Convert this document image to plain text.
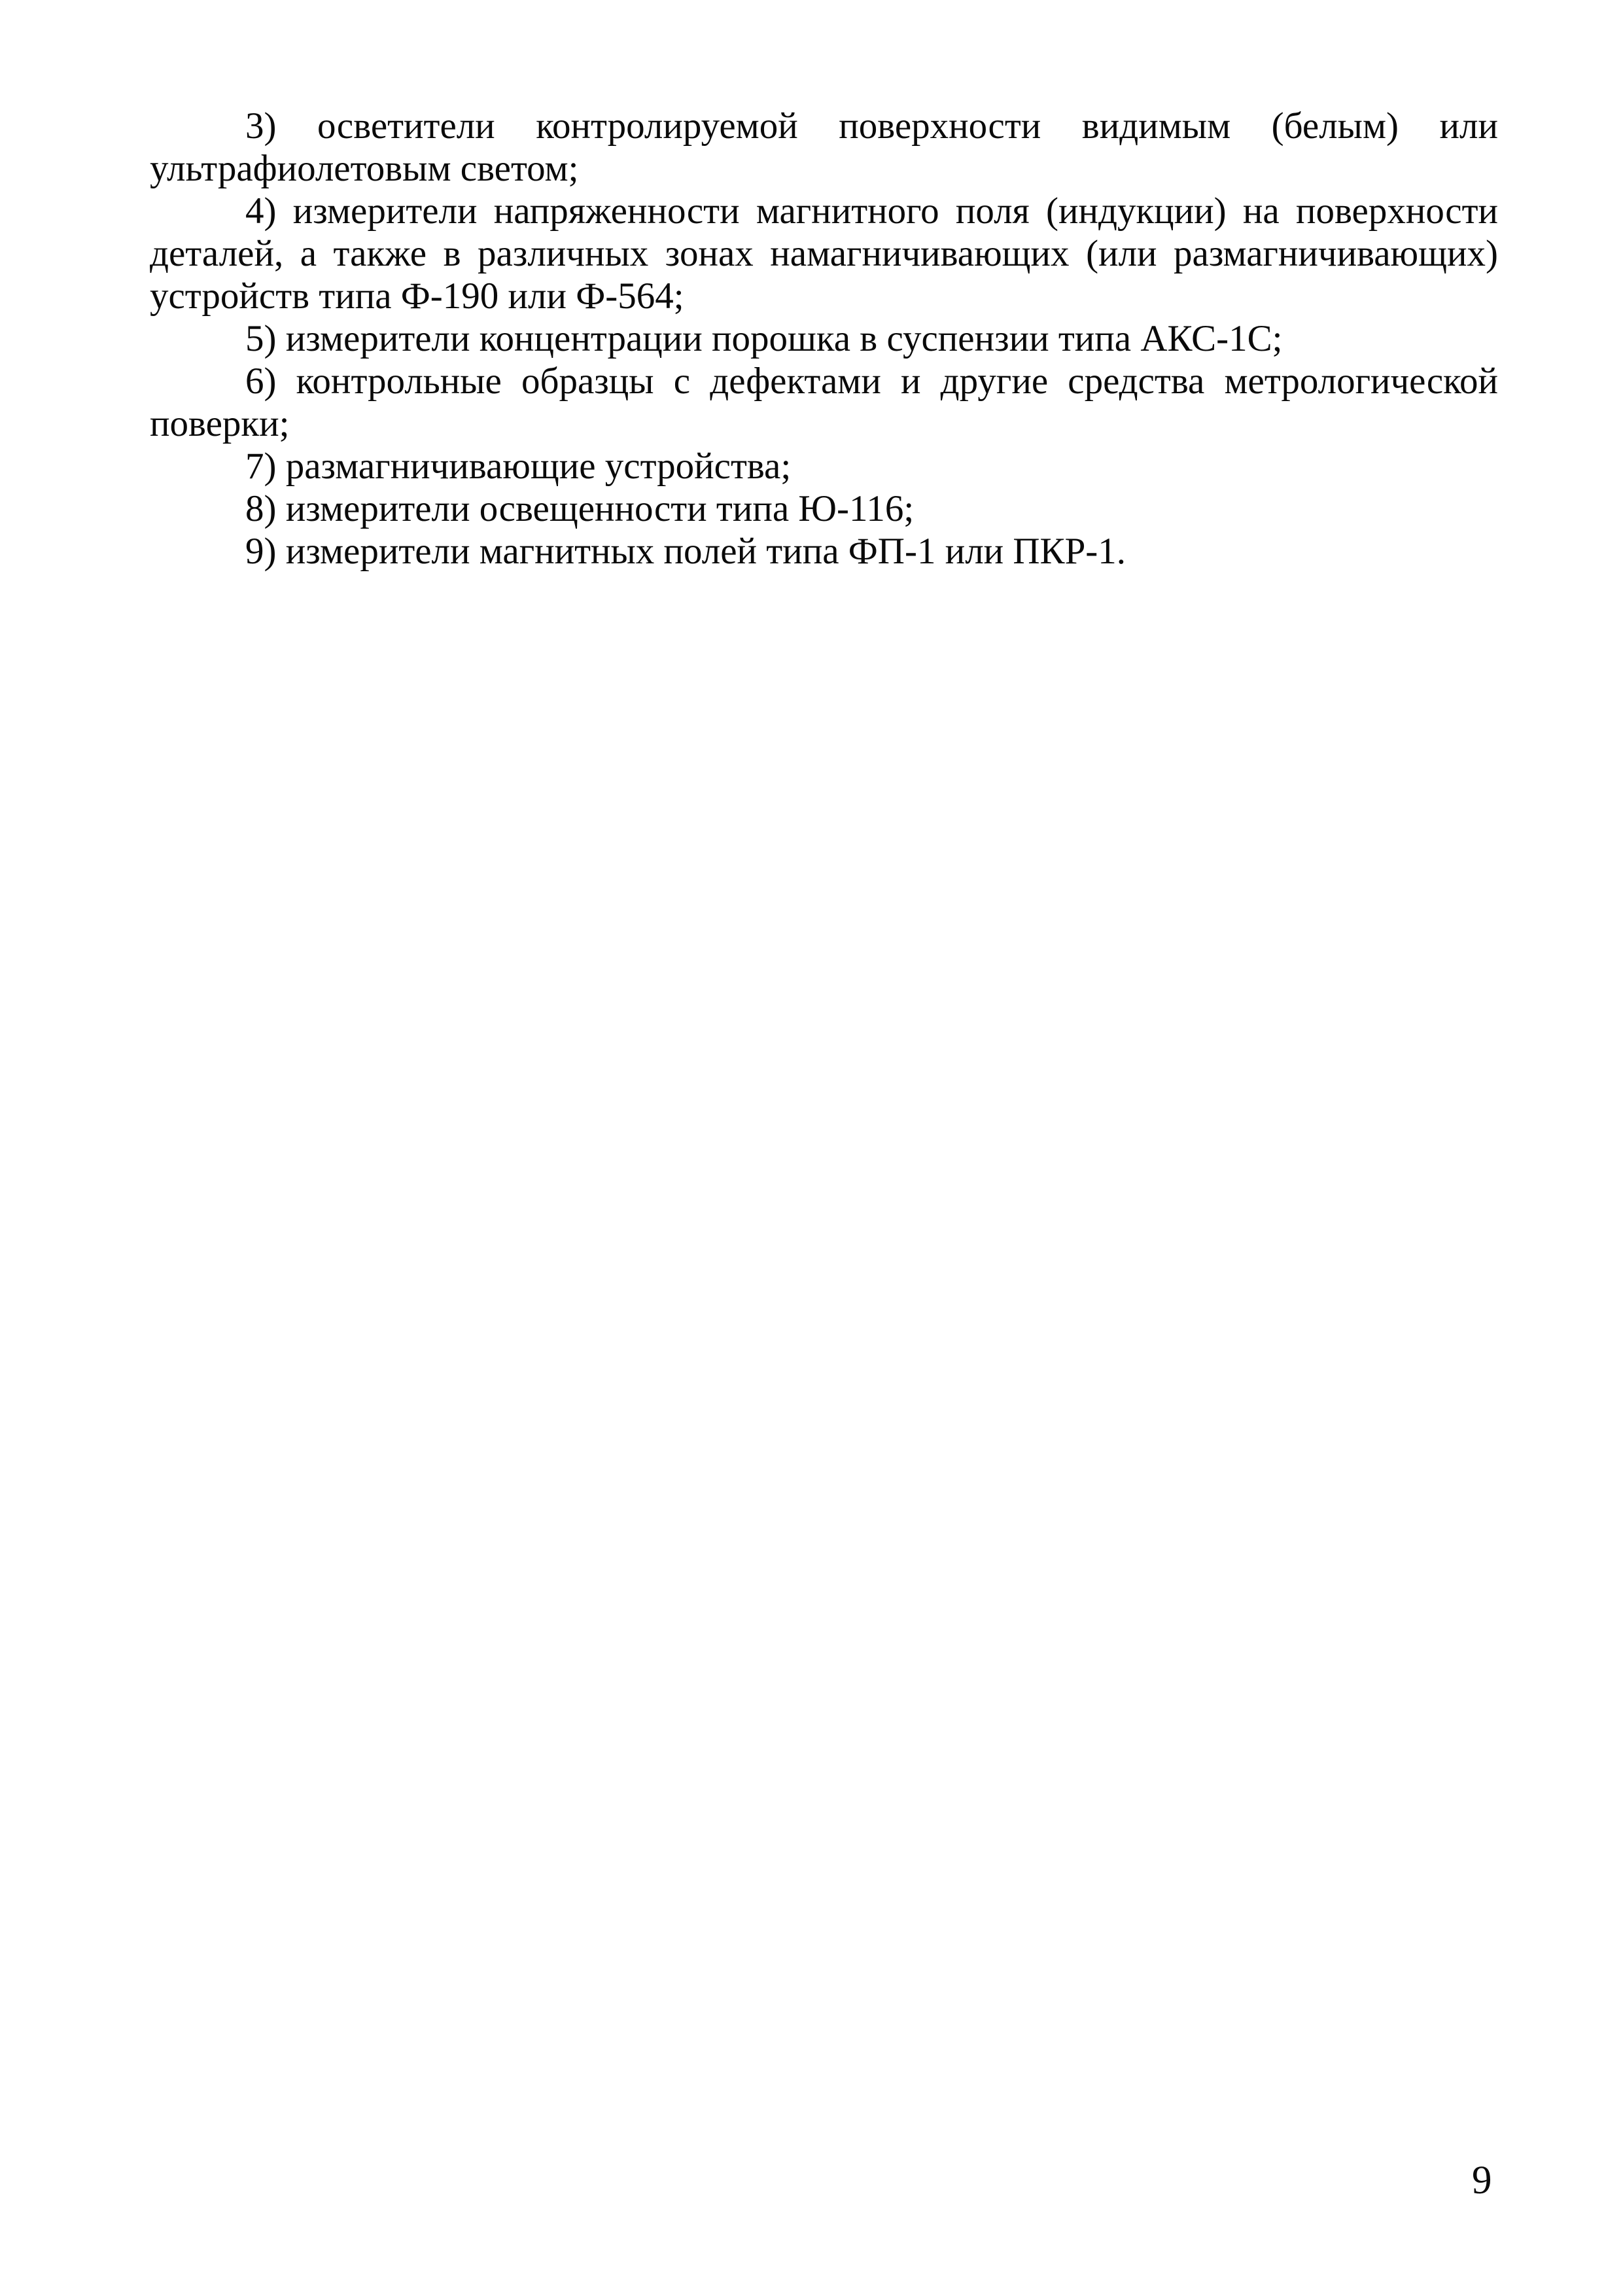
3) осветители контролируемой поверхности видимым (белым) или ультрафиолетовым светом;

4) измерители напряженности магнитного поля (индукции) на поверхности деталей, а также в различных зонах намагничивающих (или размагничивающих) устройств типа Ф-190 или Ф-564;

5) измерители концентрации порошка в суспензии типа АКС-1С;

6) контрольные образцы с дефектами и другие средства метрологической поверки;

7) размагничивающие устройства;

8) измерители освещенности типа Ю-116;

9) измерители магнитных полей типа ФП-1 или ПКР-1.

9
